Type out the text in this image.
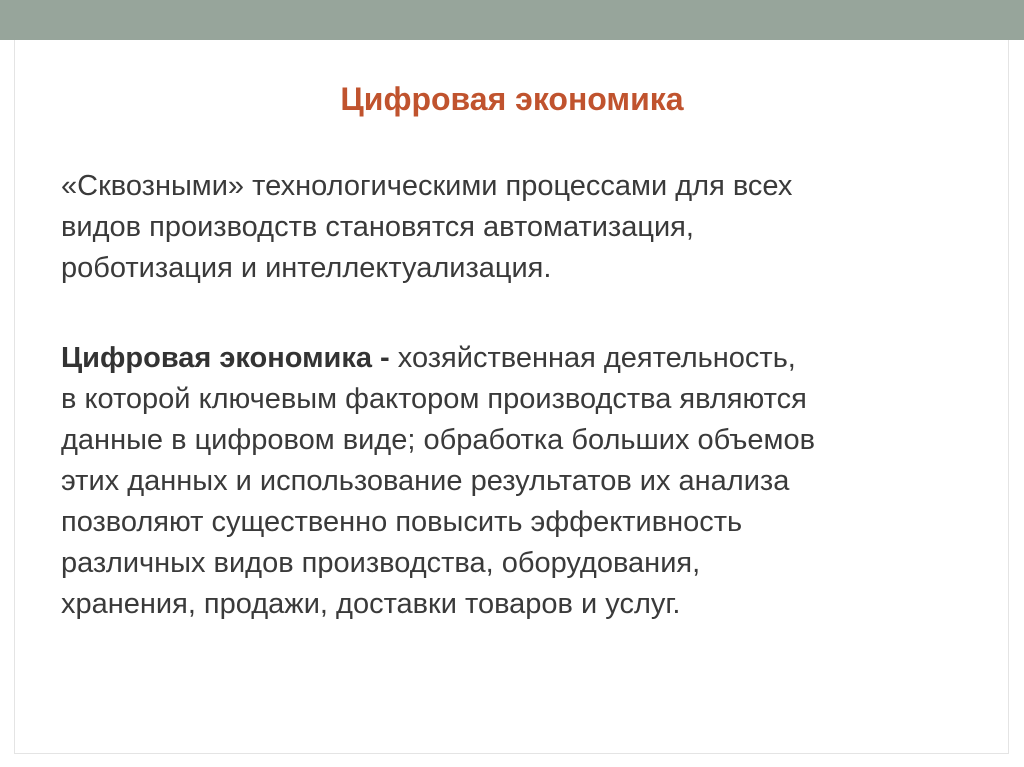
Цифровая экономика
«Сквозными» технологическими процессами для всех
видов производств становятся автоматизация,
роботизация и интеллектуализация.
Цифровая экономика - хозяйственная деятельность,
в которой ключевым фактором производства являются
данные в цифровом виде; обработка больших объемов
этих данных и использование результатов их анализа
позволяют существенно повысить эффективность
различных видов производства, оборудования,
хранения, продажи, доставки товаров и услуг.
